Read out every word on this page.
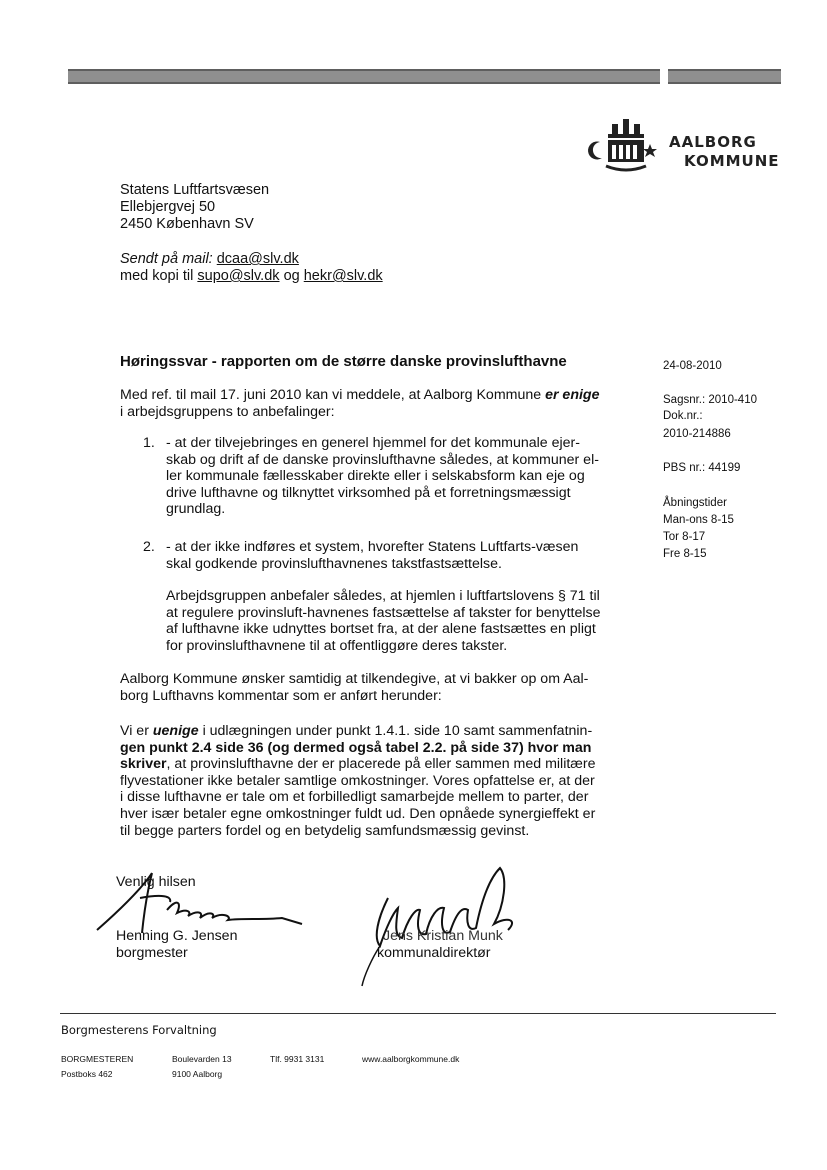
AALBORG
KOMMUNE
Statens Luftfartsvæsen
Ellebjergvej 50
2450 København SV
Sendt på mail: dcaa@slv.dk
med kopi til supo@slv.dk og hekr@slv.dk
Høringssvar - rapporten om de større danske provinslufthavne	24-08-2010
Sagsnr.: 2010-410
Dok.nr.:
2010-214886
PBS nr.: 44199
Åbningstider
Man-ons 8-15
Tor 8-17
Fre 8-15
Med ref. til mail 17. juni 2010 kan vi meddele, at Aalborg Kommune er enige
i arbejdsgruppens to anbefalinger:
1. - at der tilvejebringes en generel hjemmel for det kommunale ejer-
skab og drift af de danske provinslufthavne således, at kommuner el-
ler kommunale fællesskaber direkte eller i selskabsform kan eje og
drive lufthavne og tilknyttet virksomhed på et forretningsmæssigt
grundlag.
2. - at der ikke indføres et system, hvorefter Statens Luftfarts-væsen
skal godkende provinslufthavnenes takstfastsættelse.
Arbejdsgruppen anbefaler således, at hjemlen i luftfartslovens § 71 til
at regulere provinsluft-havnenes fastsættelse af takster for benyttelse
af lufthavne ikke udnyttes bortset fra, at der alene fastsættes en pligt
for provinslufthavnene til at offentliggøre deres takster.
Aalborg Kommune ønsker samtidig at tilkendegive, at vi bakker op om Aal-
borg Lufthavns kommentar som er anført herunder:
Vi er uenige i udlægningen under punkt 1.4.1. side 10 samt sammenfatnin-
gen punkt 2.4 side 36 (og dermed også tabel 2.2. på side 37) hvor man
skriver, at provinslufthavne der er placerede på eller sammen med militære
flyvestationer ikke betaler samtlige omkostninger. Vores opfattelse er, at der
i disse lufthavne er tale om et forbilledligt samarbejde mellem to parter, der
hver især betaler egne omkostninger fuldt ud. Den opnåede synergieffekt er
til begge parters fordel og en betydelig samfundsmæssig gevinst.
Venlig hilsen
Henning G. Jensen
borgmester
Jens Kristian Munk
kommunaldirektør
Borgmesterens Forvaltning
BORGMESTEREN
Postboks 462
Boulevarden 13
9100 Aalborg
Tlf. 9931 3131	www.aalborgkommune.dk
